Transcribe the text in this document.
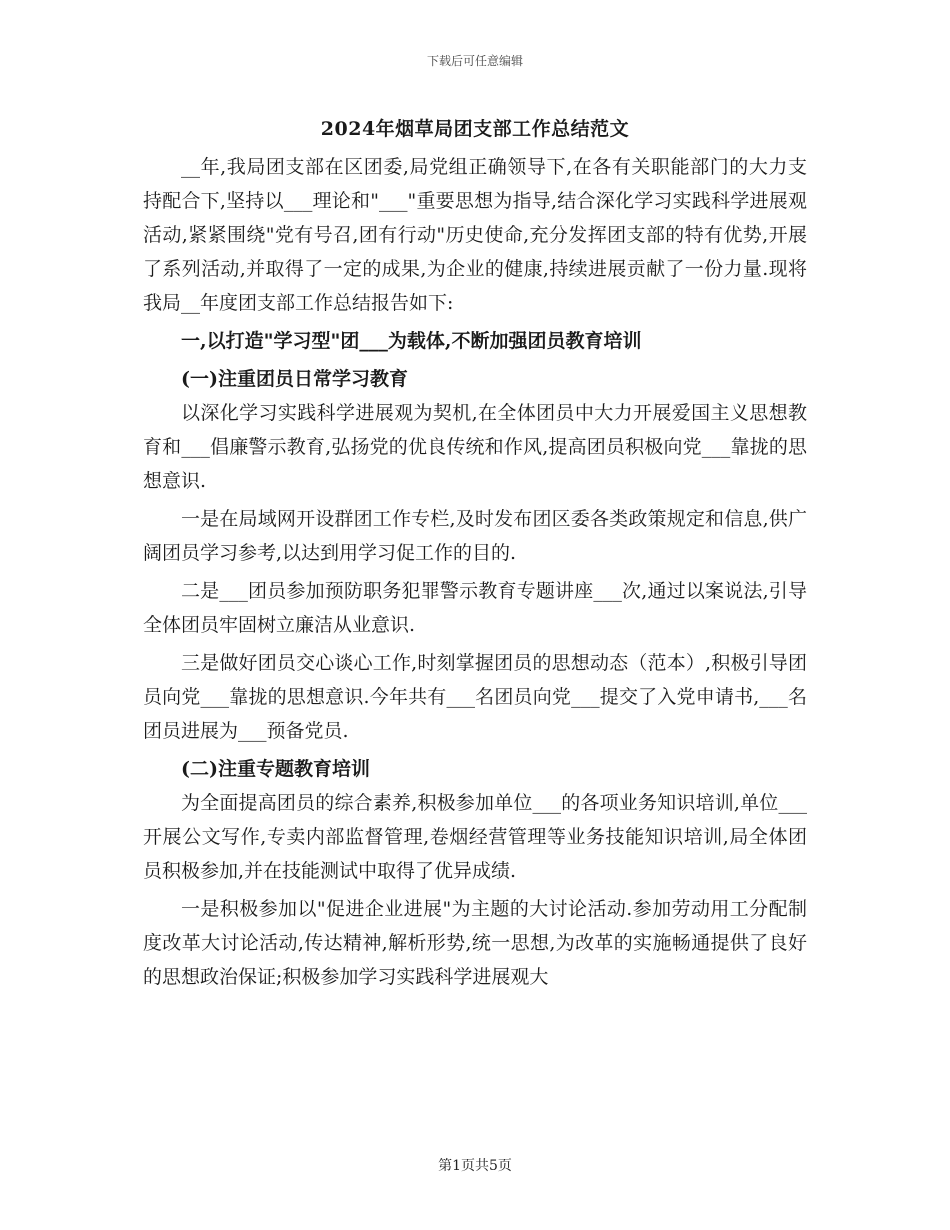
下载后可任意编辑
2024年烟草局团支部工作总结范文

__年,我局团支部在区团委,局党组正确领导下,在各有关职能部门的大力支持配合下,坚持以___理论和"___"重要思想为指导,结合深化学习实践科学进展观活动,紧紧围绕"党有号召,团有行动"历史使命,充分发挥团支部的特有优势,开展了系列活动,并取得了一定的成果,为企业的健康,持续进展贡献了一份力量.现将我局__年度团支部工作总结报告如下:

一,以打造"学习型"团___为载体,不断加强团员教育培训
(一)注重团员日常学习教育

以深化学习实践科学进展观为契机,在全体团员中大力开展爱国主义思想教育和___倡廉警示教育,弘扬党的优良传统和作风,提高团员积极向党___靠拢的思想意识.

一是在局域网开设群团工作专栏,及时发布团区委各类政策规定和信息,供广阔团员学习参考,以达到用学习促工作的目的.

二是___团员参加预防职务犯罪警示教育专题讲座___次,通过以案说法,引导全体团员牢固树立廉洁从业意识.

三是做好团员交心谈心工作,时刻掌握团员的思想动态（范本）,积极引导团员向党___靠拢的思想意识.今年共有___名团员向党___提交了入党申请书,___名团员进展为___预备党员.

(二)注重专题教育培训

为全面提高团员的综合素养,积极参加单位___的各项业务知识培训,单位___开展公文写作,专卖内部监督管理,卷烟经营管理等业务技能知识培训,局全体团员积极参加,并在技能测试中取得了优异成绩.

一是积极参加以"促进企业进展"为主题的大讨论活动.参加劳动用工分配制度改革大讨论活动,传达精神,解析形势,统一思想,为改革的实施畅通提供了良好的思想政治保证;积极参加学习实践科学进展观大

第1页共5页
